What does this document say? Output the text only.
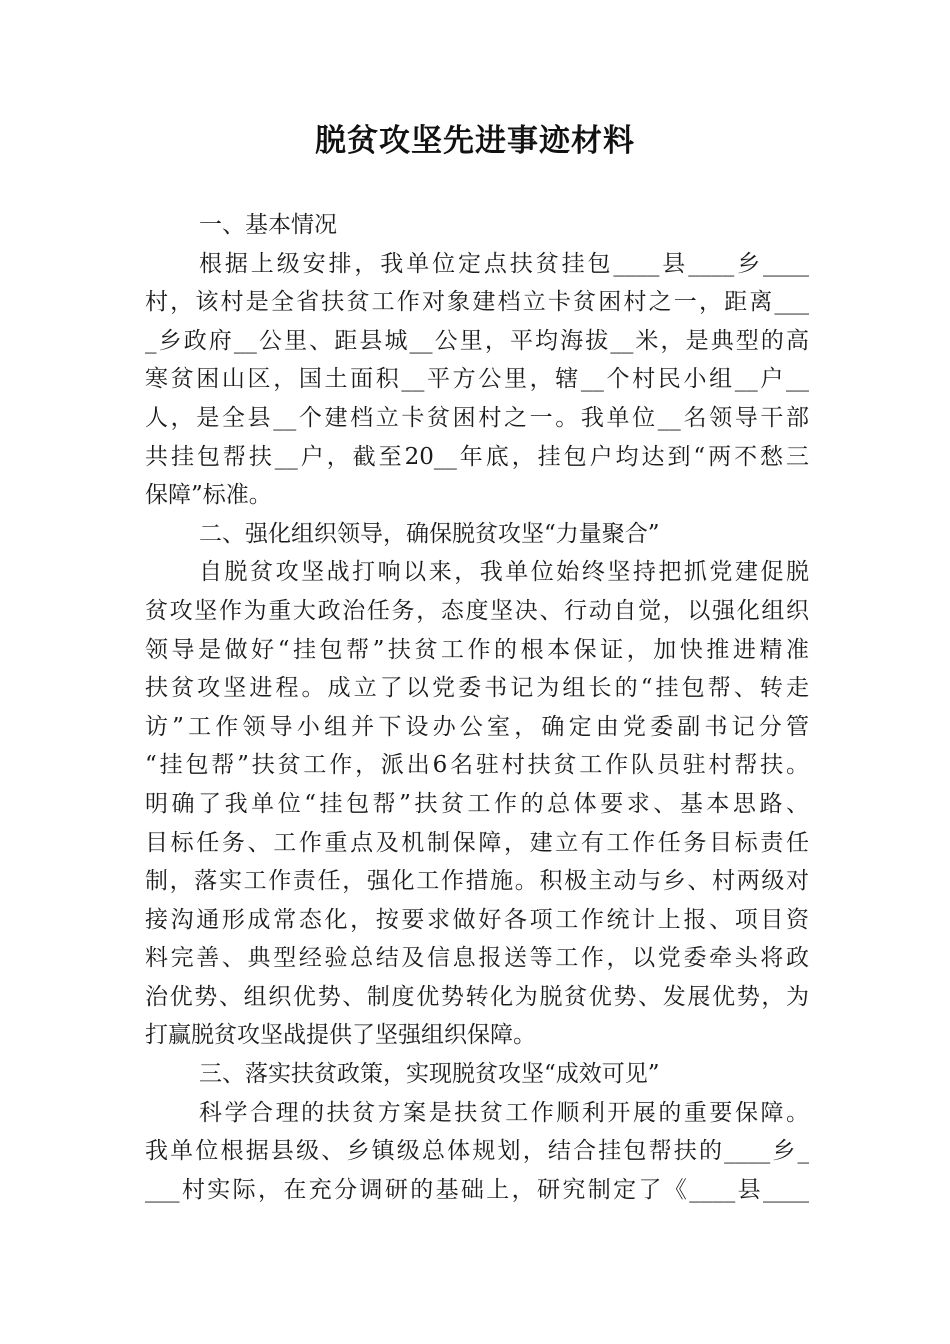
脱贫攻坚先进事迹材料
一、基本情况
根据上级安排，我单位定点扶贫挂包____县____乡____
村，该村是全省扶贫工作对象建档立卡贫困村之一，距离___
_乡政府__公里、距县城__公里，平均海拔__米，是典型的高
寒贫困山区，国土面积__平方公里，辖__个村民小组__户__
人，是全县__个建档立卡贫困村之一。我单位__名领导干部
共挂包帮扶__户，截至20__年底，挂包户均达到“两不愁三
保障”标准。
二、强化组织领导，确保脱贫攻坚“力量聚合”
自脱贫攻坚战打响以来，我单位始终坚持把抓党建促脱
贫攻坚作为重大政治任务，态度坚决、行动自觉，以强化组织
领导是做好“挂包帮”扶贫工作的根本保证，加快推进精准
扶贫攻坚进程。成立了以党委书记为组长的“挂包帮、转走
访”工作领导小组并下设办公室，确定由党委副书记分管
“挂包帮”扶贫工作，派出6名驻村扶贫工作队员驻村帮扶。
明确了我单位“挂包帮”扶贫工作的总体要求、基本思路、
目标任务、工作重点及机制保障，建立有工作任务目标责任
制，落实工作责任，强化工作措施。积极主动与乡、村两级对
接沟通形成常态化，按要求做好各项工作统计上报、项目资
料完善、典型经验总结及信息报送等工作，以党委牵头将政
治优势、组织优势、制度优势转化为脱贫优势、发展优势，为
打赢脱贫攻坚战提供了坚强组织保障。
三、落实扶贫政策，实现脱贫攻坚“成效可见”
科学合理的扶贫方案是扶贫工作顺利开展的重要保障。
我单位根据县级、乡镇级总体规划，结合挂包帮扶的____乡_
___村实际，在充分调研的基础上，研究制定了《____县____
